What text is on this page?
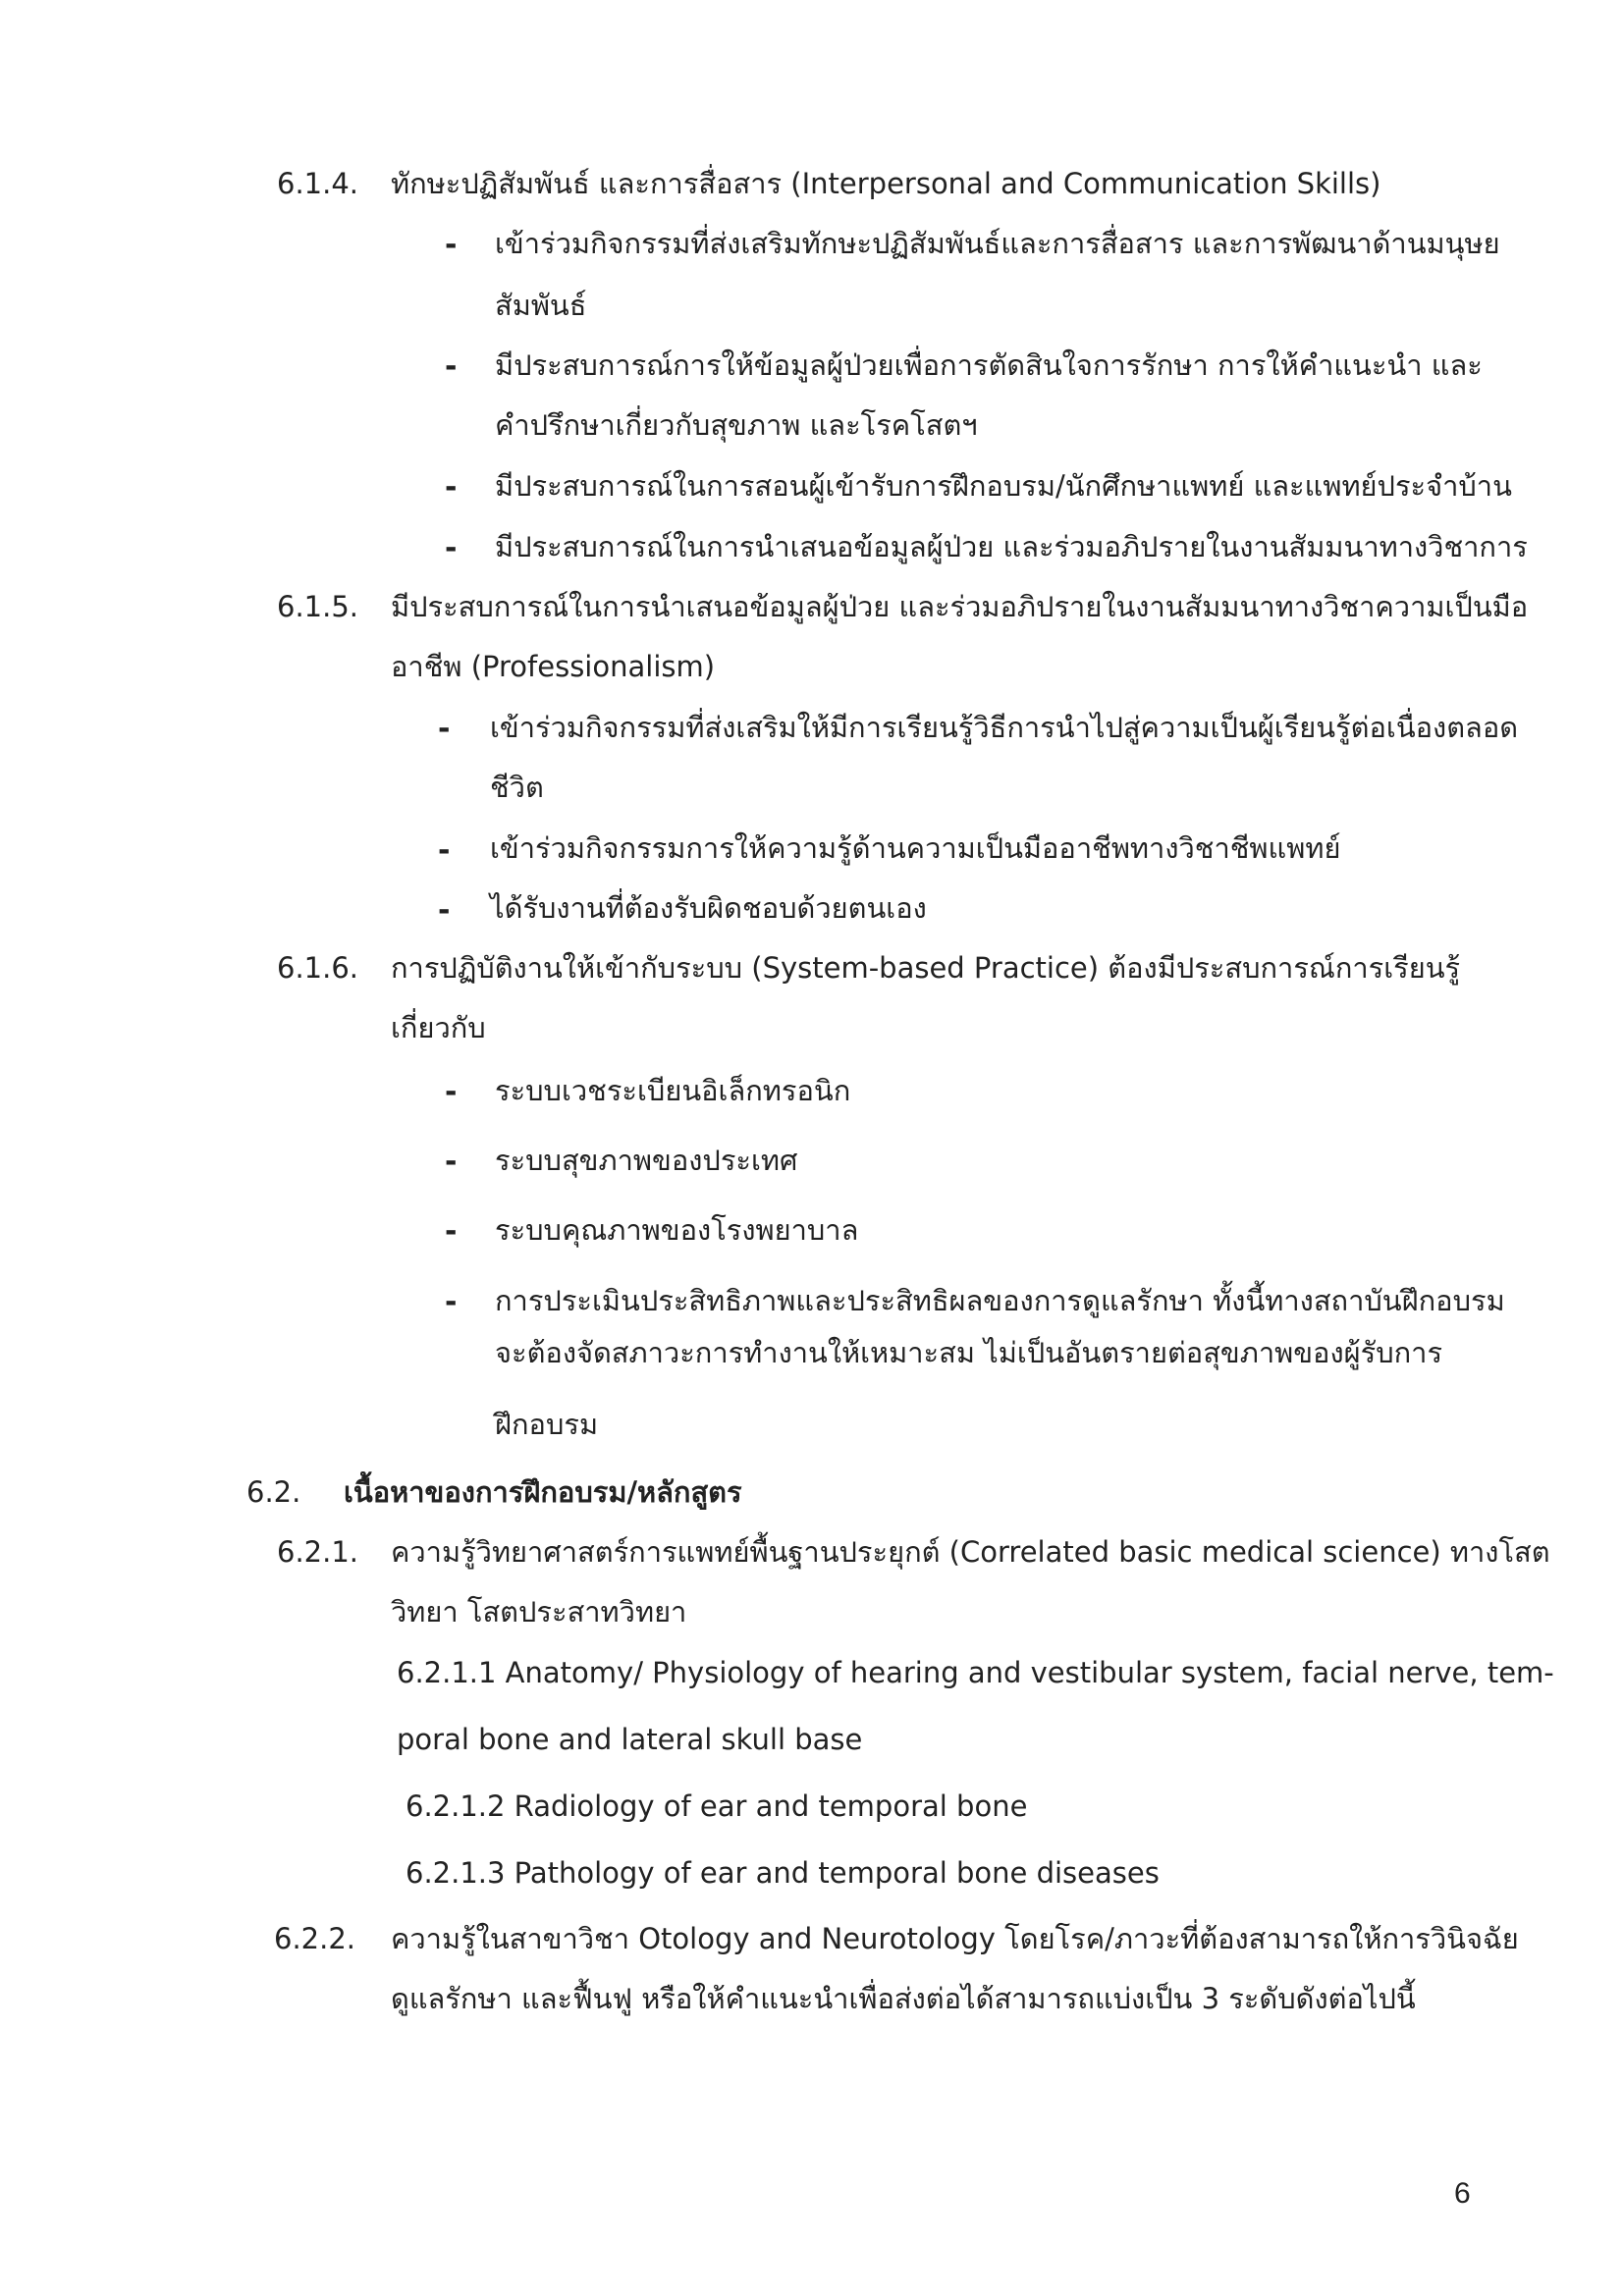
6.1.4. ทักษะปฏิสัมพันธ์ และการสื่อสาร (Interpersonal and Communication Skills)
- เข้าร่วมกิจกรรมที่ส่งเสริมทักษะปฏิสัมพันธ์และการสื่อสาร และการพัฒนาด้านมนุษย
สัมพันธ์
- มีประสบการณ์การให้ข้อมูลผู้ป่วยเพื่อการตัดสินใจการรักษา การให้คำแนะนำ และ
คำปรึกษาเกี่ยวกับสุขภาพ และโรคโสตฯ
- มีประสบการณ์ในการสอนผู้เข้ารับการฝึกอบรม/นักศึกษาแพทย์ และแพทย์ประจำบ้าน
- มีประสบการณ์ในการนำเสนอข้อมูลผู้ป่วย และร่วมอภิปรายในงานสัมมนาทางวิชาการ
6.1.5. มีประสบการณ์ในการนำเสนอข้อมูลผู้ป่วย และร่วมอภิปรายในงานสัมมนาทางวิชาความเป็นมือ
อาชีพ (Professionalism)
- เข้าร่วมกิจกรรมที่ส่งเสริมให้มีการเรียนรู้วิธีการนำไปสู่ความเป็นผู้เรียนรู้ต่อเนื่องตลอด
ชีวิต
- เข้าร่วมกิจกรรมการให้ความรู้ด้านความเป็นมืออาชีพทางวิชาชีพแพทย์
- ได้รับงานที่ต้องรับผิดชอบด้วยตนเอง
6.1.6. การปฏิบัติงานให้เข้ากับระบบ (System-based Practice) ต้องมีประสบการณ์การเรียนรู้
เกี่ยวกับ
- ระบบเวชระเบียนอิเล็กทรอนิก
- ระบบสุขภาพของประเทศ
- ระบบคุณภาพของโรงพยาบาล
- การประเมินประสิทธิภาพและประสิทธิผลของการดูแลรักษา ทั้งนี้ทางสถาบันฝึกอบรม
จะต้องจัดสภาวะการทำงานให้เหมาะสม ไม่เป็นอันตรายต่อสุขภาพของผู้รับการ
ฝึกอบรม
6.2. เนื้อหาของการฝึกอบรม/หลักสูตร
6.2.1. ความรู้วิทยาศาสตร์การแพทย์พื้นฐานประยุกต์ (Correlated basic medical science) ทางโสต
วิทยา โสตประสาทวิทยา
6.2.1.1 Anatomy/ Physiology of hearing and vestibular system, facial nerve, tem-
poral bone and lateral skull base
6.2.1.2 Radiology of ear and temporal bone
6.2.1.3 Pathology of ear and temporal bone diseases
6.2.2. ความรู้ในสาขาวิชา Otology and Neurotology โดยโรค/ภาวะที่ต้องสามารถให้การวินิจฉัย
ดูแลรักษา และฟื้นฟู หรือให้คำแนะนำเพื่อส่งต่อได้สามารถแบ่งเป็น 3 ระดับดังต่อไปนี้
6
